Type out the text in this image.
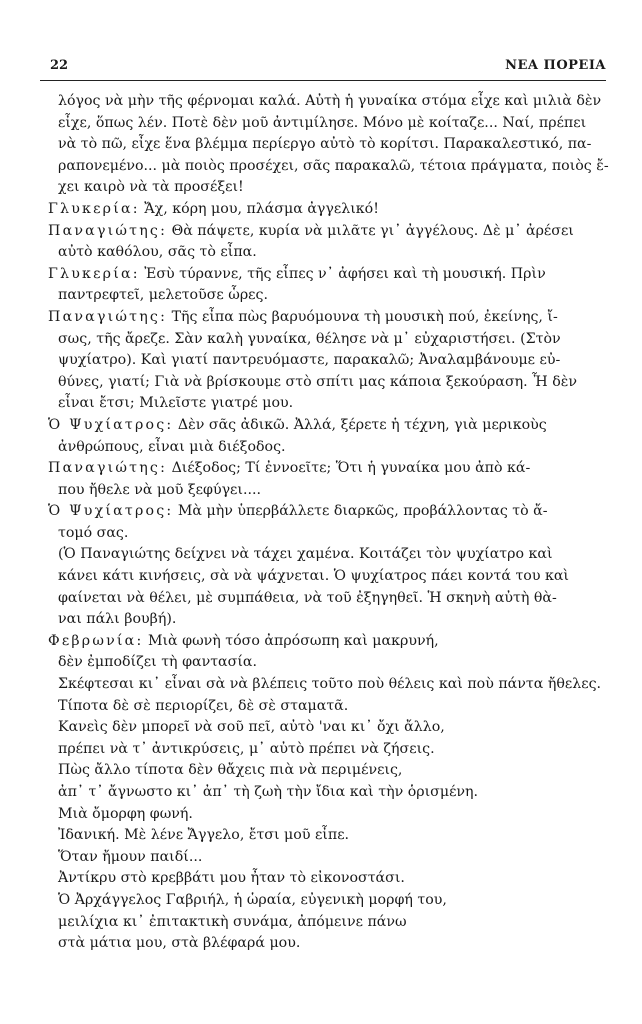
22	ΝΕΑ ΠΟΡΕΙΑ
λόγος νὰ μὴν τῆς φέρνομαι καλά. Αὐτὴ ἡ γυναίκα στόμα εἶχε καὶ μιλιὰ δὲν
εἶχε, ὅπως λέν. Ποτὲ δὲν μοῦ ἀντιμίλησε. Μόνο μὲ κοίταζε... Ναί, πρέπει
νὰ τὸ πῶ, εἶχε ἕνα βλέμμα περίεργο αὐτὸ τὸ κορίτσι. Παρακαλεστικό, πα-
ραπονεμένο... μὰ ποιὸς προσέχει, σᾶς παρακαλῶ, τέτοια πράγματα, ποιὸς ἔ-
χει καιρὸ νὰ τὰ προσέξει!
Γλυκερία: Ἄχ, κόρη μου, πλάσμα ἀγγελικό!
Παναγιώτης: Θὰ πάψετε, κυρία νὰ μιλᾶτε γι᾽ ἀγγέλους. Δὲ μ᾽ ἀρέσει
αὐτὸ καθόλου, σᾶς τὸ εἶπα.
Γλυκερία: Ἐσὺ τύραννε, τῆς εἶπες ν᾽ ἀφήσει καὶ τὴ μουσική. Πρὶν
παντρεφτεῖ, μελετοῦσε ὧρες.
Παναγιώτης: Τῆς εἶπα πὼς βαρυόμουνα τὴ μουσικὴ πού, ἐκείνης, ἴ-
σως, τῆς ἄρεζε. Σὰν καλὴ γυναίκα, θέλησε νὰ μ᾽ εὐχαριστήσει. (Στὸν
ψυχίατρο). Καὶ γιατί παντρευόμαστε, παρακαλῶ; Ἀναλαμβάνουμε εὐ-
θύνες, γιατί; Γιὰ νὰ βρίσκουμε στὸ σπίτι μας κάποια ξεκούραση. Ἦ δὲν
εἶναι ἔτσι; Μιλεῖστε γιατρέ μου.
Ὁ Ψυχίατρος: Δὲν σᾶς ἀδικῶ. Ἀλλά, ξέρετε ἡ τέχνη, γιὰ μερικοὺς
ἀνθρώπους, εἶναι μιὰ διέξοδος.
Παναγιώτης: Διέξοδος; Τί ἐννοεῖτε; Ὅτι ἡ γυναίκα μου ἀπὸ κά-
που ἤθελε νὰ μοῦ ξεφύγει....
Ὁ Ψυχίατρος: Μὰ μὴν ὑπερβάλλετε διαρκῶς, προβάλλοντας τὸ ἄ-
τομό σας.
(Ὁ Παναγιώτης δείχνει νὰ τάχει χαμένα. Κοιτάζει τὸν ψυχίατρο καὶ
κάνει κάτι κινήσεις, σὰ νὰ ψάχνεται. Ὁ ψυχίατρος πάει κοντά του καὶ
φαίνεται νὰ θέλει, μὲ συμπάθεια, νὰ τοῦ ἐξηγηθεῖ. Ἡ σκηνὴ αὐτὴ θὰ-
ναι πάλι βουβή).
Φεβρωνία: Μιὰ φωνὴ τόσο ἀπρόσωπη καὶ μακρυνή,
δὲν ἐμποδίζει τὴ φαντασία.
Σκέφτεσαι κι᾽ εἶναι σὰ νὰ βλέπεις τοῦτο ποὺ θέλεις καὶ ποὺ πάντα ἤθελες.
Τίποτα δὲ σὲ περιορίζει, δὲ σὲ σταματᾶ.
Κανεὶς δὲν μπορεῖ νὰ σοῦ πεῖ, αὐτὸ 'ναι κι᾽ ὄχι ἄλλο,
πρέπει νὰ τ᾽ ἀντικρύσεις, μ᾽ αὐτὸ πρέπει νὰ ζήσεις.
Πὼς ἄλλο τίποτα δὲν θἄχεις πιὰ νὰ περιμένεις,
ἀπ᾽ τ᾽ ἄγνωστο κι᾽ ἀπ᾽ τὴ ζωὴ τὴν ἴδια καὶ τὴν ὁρισμένη.
Μιὰ ὄμορφη φωνή.
Ἰδανική. Μὲ λένε Ἄγγελο, ἔτσι μοῦ εἶπε.
Ὅταν ἤμουν παιδί...
Ἀντίκρυ στὸ κρεββάτι μου ἦταν τὸ εἰκονοστάσι.
Ὁ Ἀρχάγγελος Γαβριήλ, ἡ ὡραία, εὐγενικὴ μορφή του,
μειλίχια κι᾽ ἐπιτακτικὴ συνάμα, ἀπόμεινε πάνω
στὰ μάτια μου, στὰ βλέφαρά μου.
